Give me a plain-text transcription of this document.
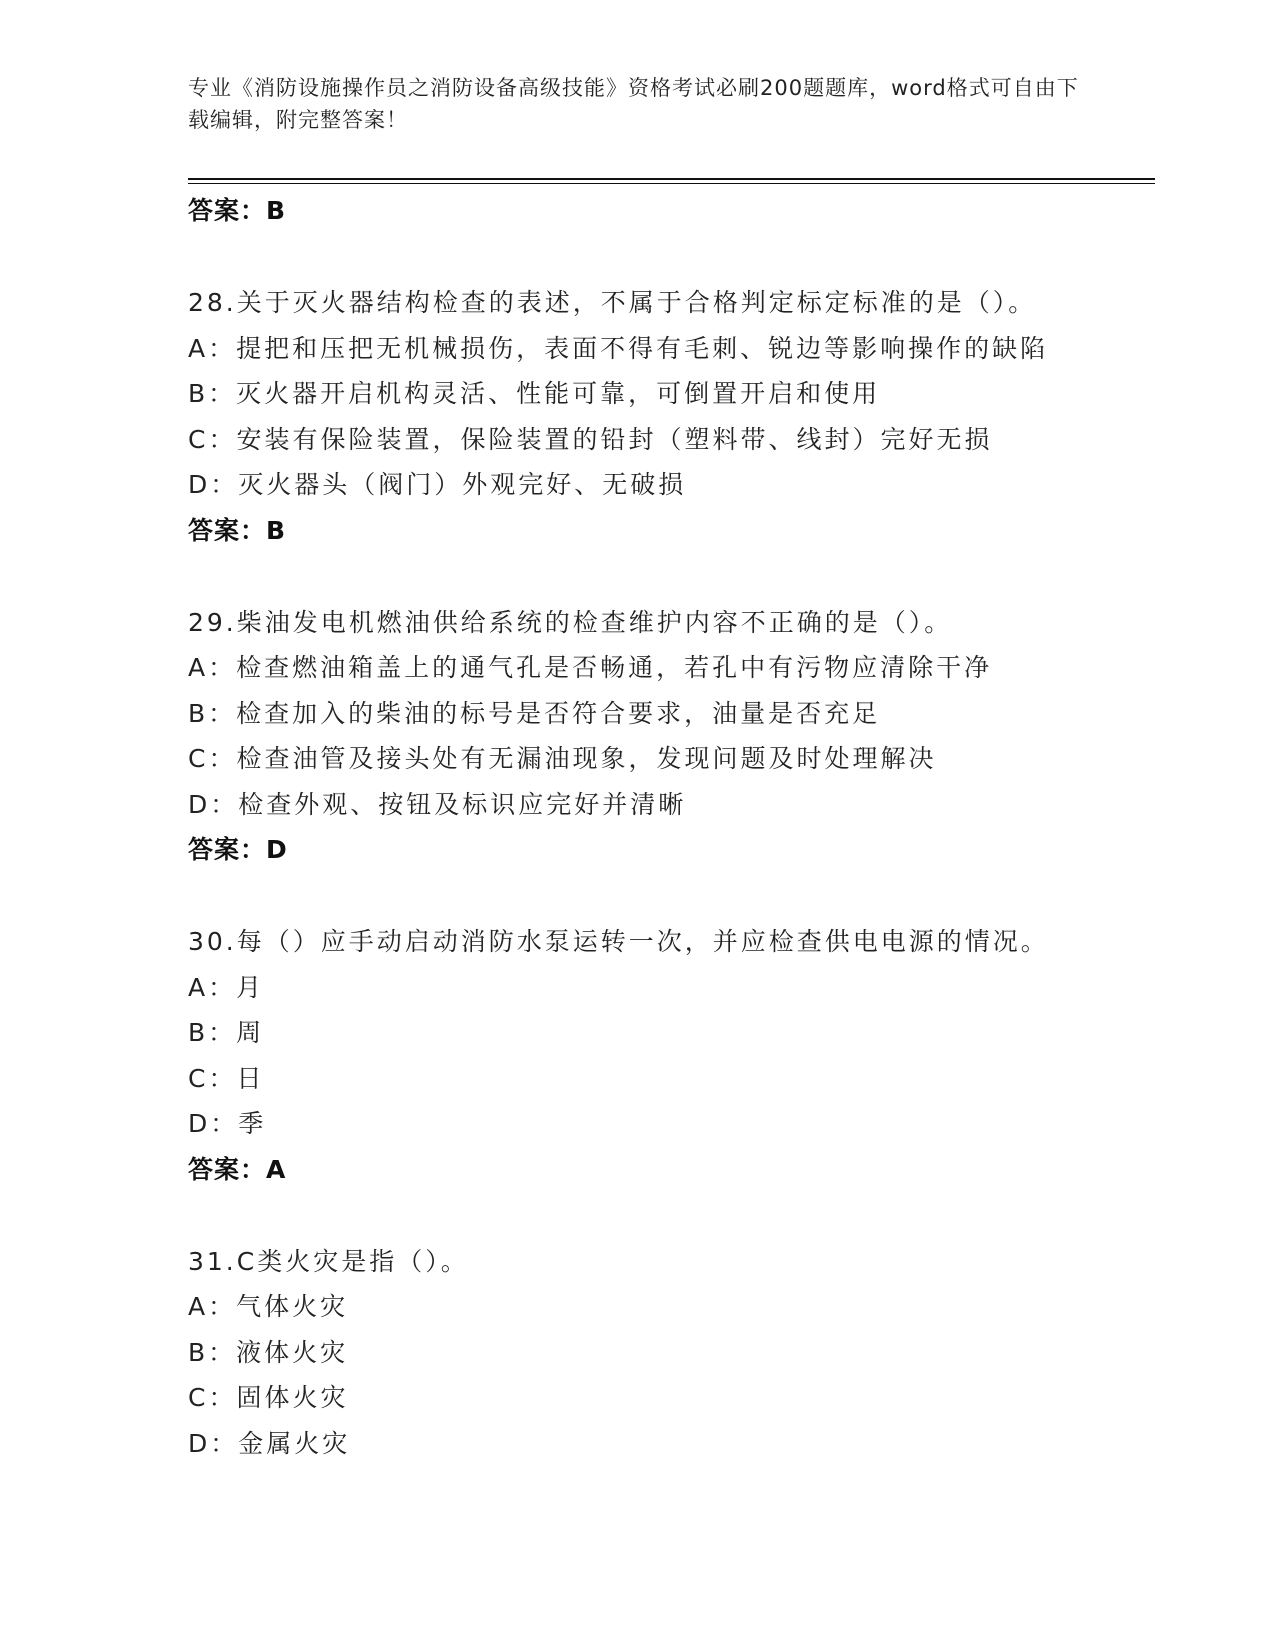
专业《消防设施操作员之消防设备高级技能》资格考试必刷200题题库，word格式可自由下载编辑，附完整答案！
答案：B
28.关于灭火器结构检查的表述，不属于合格判定标定标准的是（）。
A：提把和压把无机械损伤，表面不得有毛刺、锐边等影响操作的缺陷
B：灭火器开启机构灵活、性能可靠，可倒置开启和使用
C：安装有保险装置，保险装置的铅封（塑料带、线封）完好无损
D：灭火器头（阀门）外观完好、无破损
答案：B
29.柴油发电机燃油供给系统的检查维护内容不正确的是（）。
A：检查燃油箱盖上的通气孔是否畅通，若孔中有污物应清除干净
B：检查加入的柴油的标号是否符合要求，油量是否充足
C：检查油管及接头处有无漏油现象，发现问题及时处理解决
D：检查外观、按钮及标识应完好并清晰
答案：D
30.每（）应手动启动消防水泵运转一次，并应检查供电电源的情况。
A：月
B：周
C：日
D：季
答案：A
31.C类火灾是指（）。
A：气体火灾
B：液体火灾
C：固体火灾
D：金属火灾
